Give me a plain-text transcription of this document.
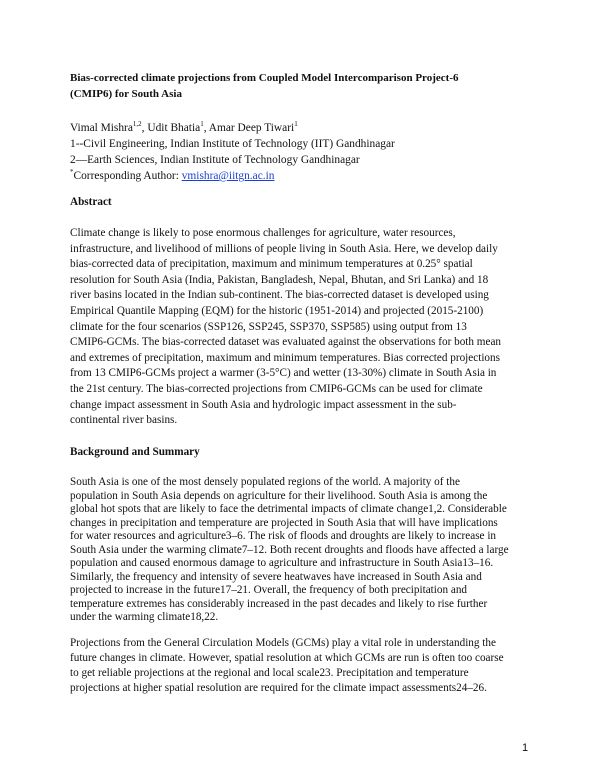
Bias-corrected climate projections from Coupled Model Intercomparison Project-6
(CMIP6) for South Asia
Vimal Mishra$^{1,2}$, Udit Bhatia$^1$, Amar Deep Tiwari$^1$
1--Civil Engineering, Indian Institute of Technology (IIT) Gandhinagar
2—Earth Sciences, Indian Institute of Technology Gandhinagar
*Corresponding Author: vmishra@iitgn.ac.in
Abstract
Climate change is likely to pose enormous challenges for agriculture, water resources,
infrastructure, and livelihood of millions of people living in South Asia. Here, we develop daily
bias-corrected data of precipitation, maximum and minimum temperatures at 0.25° spatial
resolution for South Asia (India, Pakistan, Bangladesh, Nepal, Bhutan, and Sri Lanka) and 18
river basins located in the Indian sub-continent. The bias-corrected dataset is developed using
Empirical Quantile Mapping (EQM) for the historic (1951-2014) and projected (2015-2100)
climate for the four scenarios (SSP126, SSP245, SSP370, SSP585) using output from 13
CMIP6-GCMs. The bias-corrected dataset was evaluated against the observations for both mean
and extremes of precipitation, maximum and minimum temperatures. Bias corrected projections
from 13 CMIP6-GCMs project a warmer (3-5°C) and wetter (13-30%) climate in South Asia in
the 21st century. The bias-corrected projections from CMIP6-GCMs can be used for climate
change impact assessment in South Asia and hydrologic impact assessment in the sub-
continental river basins.
Background and Summary
South Asia is one of the most densely populated regions of the world. A majority of the
population in South Asia depends on agriculture for their livelihood. South Asia is among the
global hot spots that are likely to face the detrimental impacts of climate change1,2. Considerable
changes in precipitation and temperature are projected in South Asia that will have implications
for water resources and agriculture3–6. The risk of floods and droughts are likely to increase in
South Asia under the warming climate7–12. Both recent droughts and floods have affected a large
population and caused enormous damage to agriculture and infrastructure in South Asia13–16.
Similarly, the frequency and intensity of severe heatwaves have increased in South Asia and
projected to increase in the future17–21. Overall, the frequency of both precipitation and
temperature extremes has considerably increased in the past decades and likely to rise further
under the warming climate18,22.
Projections from the General Circulation Models (GCMs) play a vital role in understanding the
future changes in climate. However, spatial resolution at which GCMs are run is often too coarse
to get reliable projections at the regional and local scale23. Precipitation and temperature
projections at higher spatial resolution are required for the climate impact assessments24–26.
1
